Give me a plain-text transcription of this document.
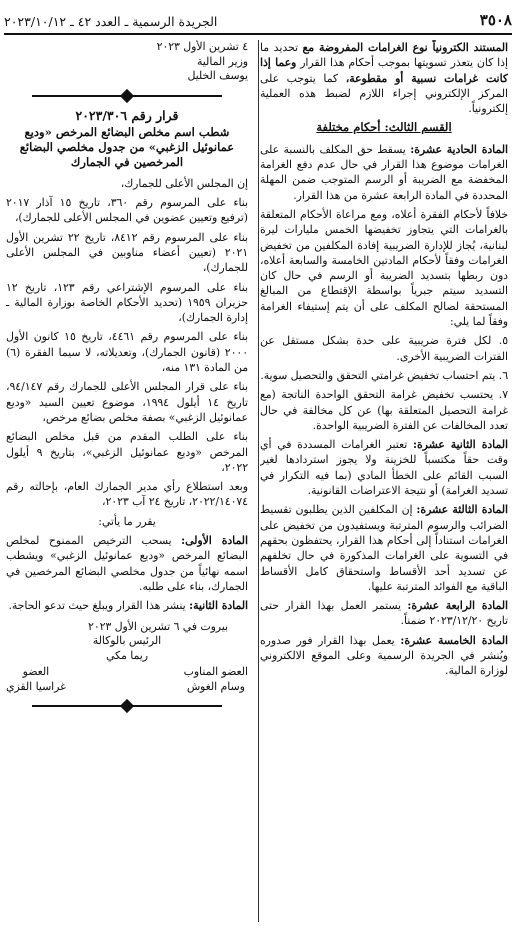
٣٥٠٨
الجريدة الرسمية ـ العدد ٤٢ ـ ٢٠٢٣/١٠/١٢

المستند الكترونياً نوع الغرامات المفروضة مع تحديد ما إذا كان يتعذر تسويتها بموجب أحكام هذا القرار وعما إذا كانت غرامات نسبية أو مقطوعة، كما يتوجب على المركز الإلكتروني إجراء اللازم لضبط هذه العملية إلكترونياً.

القسم الثالث: أحكام مختلفة

المادة الحادية عشرة: يسقط حق المكلف بالنسبة على الغرامات موضوع هذا القرار في حال عدم دفع الغرامة المخفضة مع الضريبة أو الرسم المتوجب ضمن المهلة المحددة في المادة الرابعة عشرة من هذا القرار.

خلافاً لأحكام الفقرة أعلاه، ومع مراعاة الأحكام المتعلقة بالغرامات التي يتجاوز تخفيضها الخمس مليارات ليرة لبنانية، يُجاز للإدارة الضريبية إفادة المكلفين من تخفيض الغرامات وفقاً لأحكام المادتين الخامسة والسابعة أعلاه، دون ربطها بتسديد الضريبة أو الرسم في حال كان التسديد سيتم جبرياً بواسطة الإقتطاع من المبالغ المستحقة لصالح المكلف على أن يتم إستيفاء الغرامة وفقاً لما يلي:

٥. لكل فترة ضريبية على حدة بشكل مستقل عن الفترات الضريبية الأخرى.

٦. يتم احتساب تخفيض غرامتي التحقق والتحصيل سوية.

٧. يحتسب تخفيض غرامة التحقق الواحدة الناتجة (مع غرامة التحصيل المتعلقة بها) عن كل مخالفة في حال تعدد المخالفات عن الفترة الضريبية الواحدة.

المادة الثانية عشرة: تعتبر الغرامات المسددة في أي وقت حقاً مكتسباً للخزينة ولا يجوز استردادها لغير السبب القائم على الخطأ المادي (بما فيه التكرار في تسديد الغرامة) أو نتيجة الاعتراضات القانونية.

المادة الثالثة عشرة: إن المكلفين الذين يطلبون تقسيط الضرائب والرسوم المترتبة ويستفيدون من تخفيض على الغرامات استناداً إلى أحكام هذا القرار، يحتفظون بحقهم في التسوية على الغرامات المذكورة في حال تخلفهم عن تسديد أحد الأقساط واستحقاق كامل الأقساط الباقية مع الفوائد المترتبة عليها.

المادة الرابعة عشرة: يستمر العمل بهذا القرار حتى تاريخ ٢٠٢٣/١٢/٢٠ ضمناً.

المادة الخامسة عشرة: يعمل بهذا القرار فور صدوره ويُنشر في الجريدة الرسمية وعلى الموقع الالكتروني لوزارة المالية.

٤ تشرين الأول ٢٠٢٣
وزير المالية
يوسف الخليل
قرار رقم ٢٠٢٣/٣٠٦
شطب اسم مخلص البضائع المرخص «وديع عمانوئيل الزغبي» من جدول مخلصي البضائع المرخصين في الجمارك

إن المجلس الأعلى للجمارك،

بناء على المرسوم رقم ٣٦٠، تاريخ ١٥ آذار ٢٠١٧ (ترفيع وتعيين عضوين في المجلس الأعلى للجمارك)،

بناء على المرسوم رقم ٨٤١٢، تاريخ ٢٢ تشرين الأول ٢٠٢١ (تعيين أعضاء مناوبين في المجلس الأعلى للجمارك)،

بناء على المرسوم الإشتراعي رقم ١٢٣، تاريخ ١٢ حزيران ١٩٥٩ (تحديد الأحكام الخاصة بوزارة المالية ـ إدارة الجمارك)،

بناء على المرسوم رقم ٤٤٦١، تاريخ ١٥ كانون الأول ٢٠٠٠ (قانون الجمارك)، وتعديلاته، لا سيما الفقرة (٦) من المادة ١٣١ منه،

بناء على قرار المجلس الأعلى للجمارك رقم ٩٤/١٤٧، تاريخ ١٤ أيلول ١٩٩٤، موضوع تعيين السيد «وديع عمانوئيل الزغبي» بصفة مخلص بضائع مرخص،

بناء على الطلب المقدم من قبل مخلص البضائع المرخص «وديع عمانوئيل الزغبي»، بتاريخ ٩ أيلول ٢٠٢٢،

وبعد استطلاع رأي مدير الجمارك العام، بإحالته رقم ٢٠٢٢/١٤٠٧٤، تاريخ ٢٤ آب ٢٠٢٣،

يقرر ما يأتي:

المادة الأولى: يسحب الترخيص الممنوح لمخلص البضائع المرخص «وديع عمانوئيل الزغبي» ويشطب اسمه نهائياً من جدول مخلصي البضائع المرخصين في الجمارك، بناء على طلبه.

المادة الثانية: ينشر هذا القرار ويبلغ حيث تدعو الحاجة.

بيروت في ٦ تشرين الأول ٢٠٢٣
الرئيس بالوكالة
ريما مكي
العضو المناوب
وسام الغوش
العضو
غراسيا القزي
